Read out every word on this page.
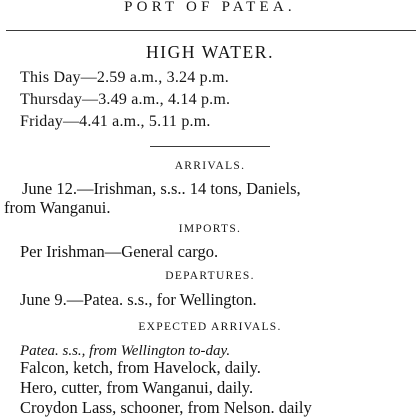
PORT OF PATEA.
HIGH WATER.
This Day—2.59 a.m., 3.24 p.m.
Thursday—3.49 a.m., 4.14 p.m.
Friday—4.41 a.m., 5.11 p.m.
ARRIVALS.
June 12.—Irishman, s.s.. 14 tons, Daniels,
from Wanganui.
IMPORTS.
Per Irishman—General cargo.
DEPARTURES.
June 9.—Patea. s.s., for Wellington.
EXPECTED ARRIVALS.
Patea. s.s., from Wellington to-day.
Falcon, ketch, from Havelock, daily.
Hero, cutter, from Wanganui, daily.
Croydon Lass, schooner, from Nelson. daily
